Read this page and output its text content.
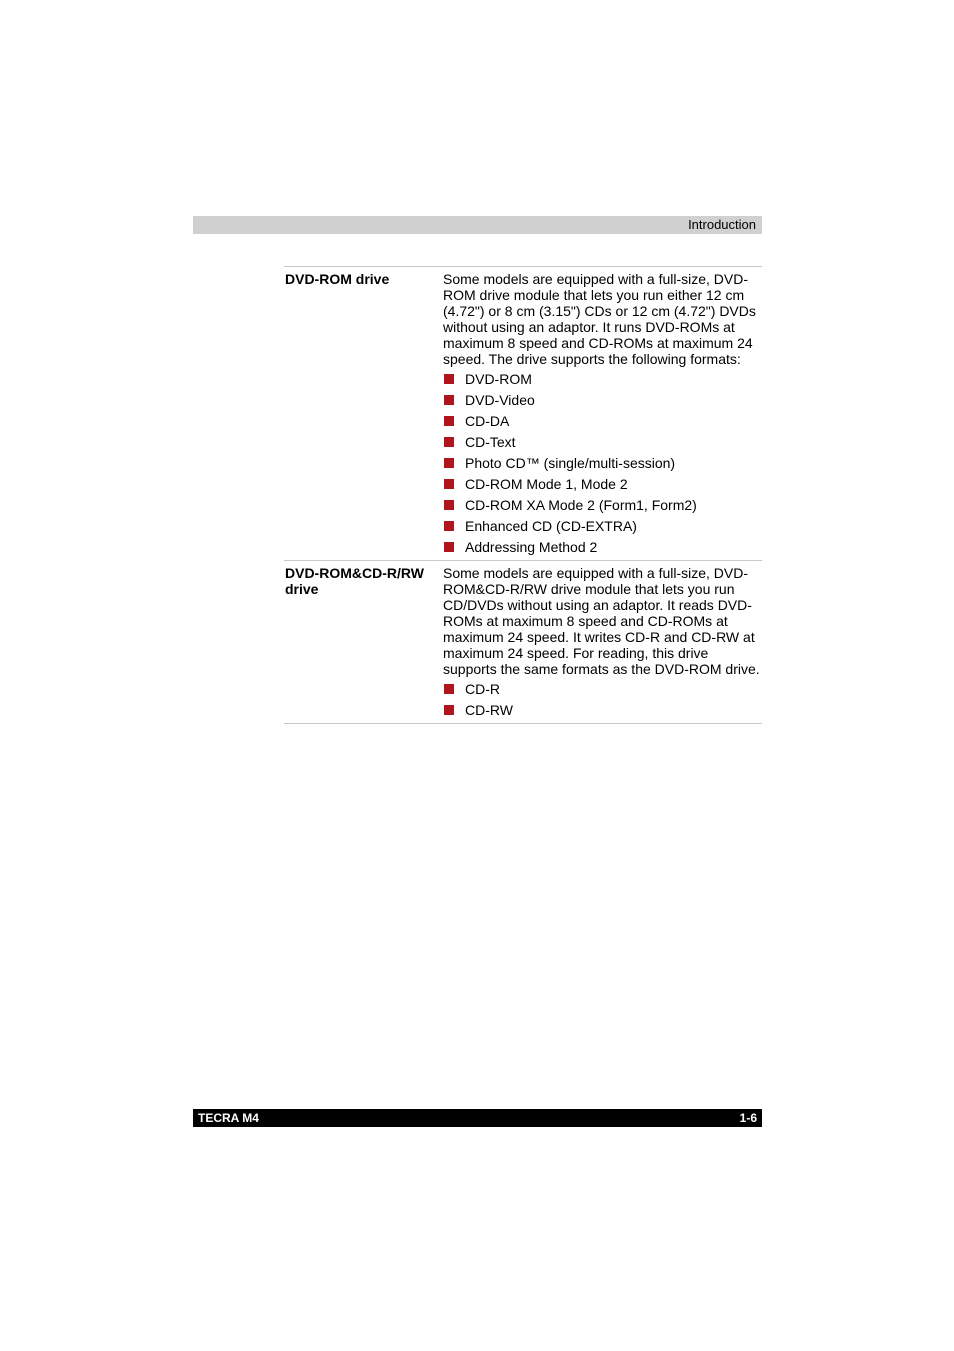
Introduction
DVD-ROM drive	Some models are equipped with a full-size, DVD-ROM drive module that lets you run either 12 cm (4.72") or 8 cm (3.15") CDs or 12 cm (4.72") DVDs without using an adaptor. It runs DVD-ROMs at maximum 8 speed and CD-ROMs at maximum 24 speed. The drive supports the following formats:

DVD-ROM
DVD-Video
CD-DA
CD-Text
Photo CD™ (single/multi-session)
CD-ROM Mode 1, Mode 2
CD-ROM XA Mode 2 (Form1, Form2)
Enhanced CD (CD-EXTRA)
Addressing Method 2
DVD-ROM&CD-R/RW drive

Some models are equipped with a full-size, DVD-ROM&CD-R/RW drive module that lets you run CD/DVDs without using an adaptor. It reads DVD-ROMs at maximum 8 speed and CD-ROMs at maximum 24 speed. It writes CD-R and CD-RW at maximum 24 speed. For reading, this drive supports the same formats as the DVD-ROM drive.

CD-R
CD-RW
TECRA M4	1-6
